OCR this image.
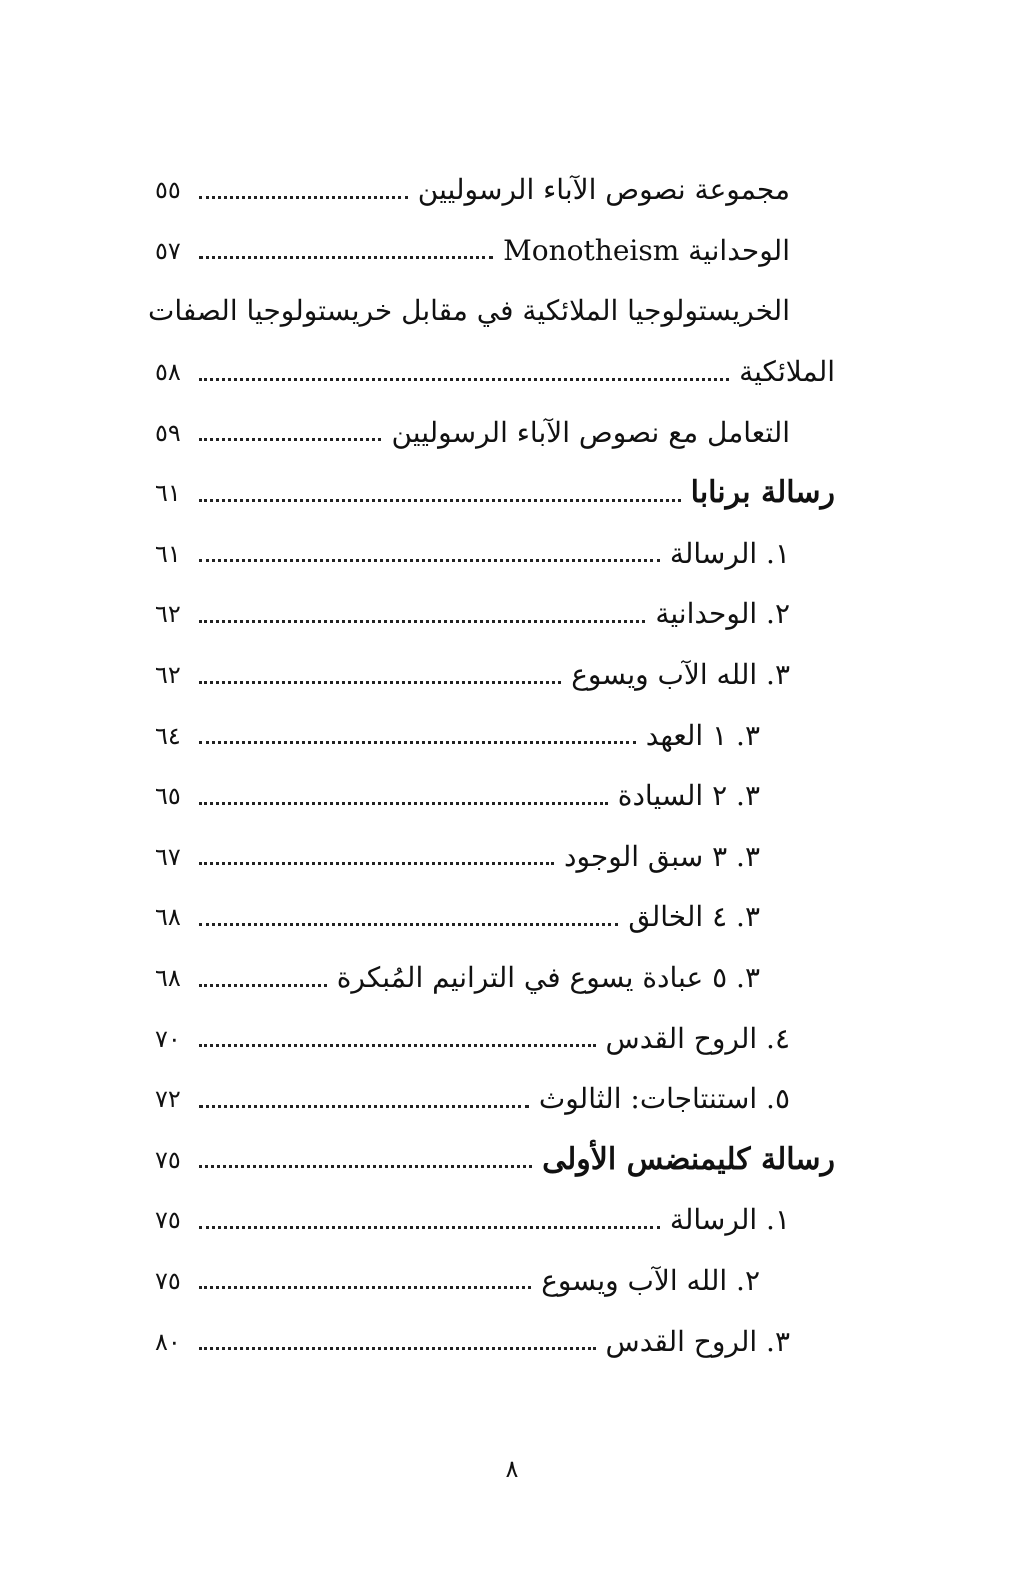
مجموعة نصوص الآباء الرسوليين
٥٥
الوحدانية Monotheism
٥٧
الخريستولوجيا الملائكية في مقابل خريستولوجيا الصفات
الملائكية
٥٨
التعامل مع نصوص الآباء الرسوليين
٥٩
رسالة برنابا
٦١
١. الرسالة
٦١
٢. الوحدانية
٦٢
٣. الله الآب ويسوع
٦٢
٣. ١ العهد
٦٤
٣. ٢ السيادة
٦٥
٣. ٣ سبق الوجود
٦٧
٣. ٤ الخالق
٦٨
٣. ٥ عبادة يسوع في الترانيم المُبكرة
٦٨
٤. الروح القدس
٧٠
٥. استنتاجات: الثالوث
٧٢
رسالة كليمنضس الأولى
٧٥
١. الرسالة
٧٥
٢. الله الآب ويسوع
٧٥
٣. الروح القدس
٨٠
٨
